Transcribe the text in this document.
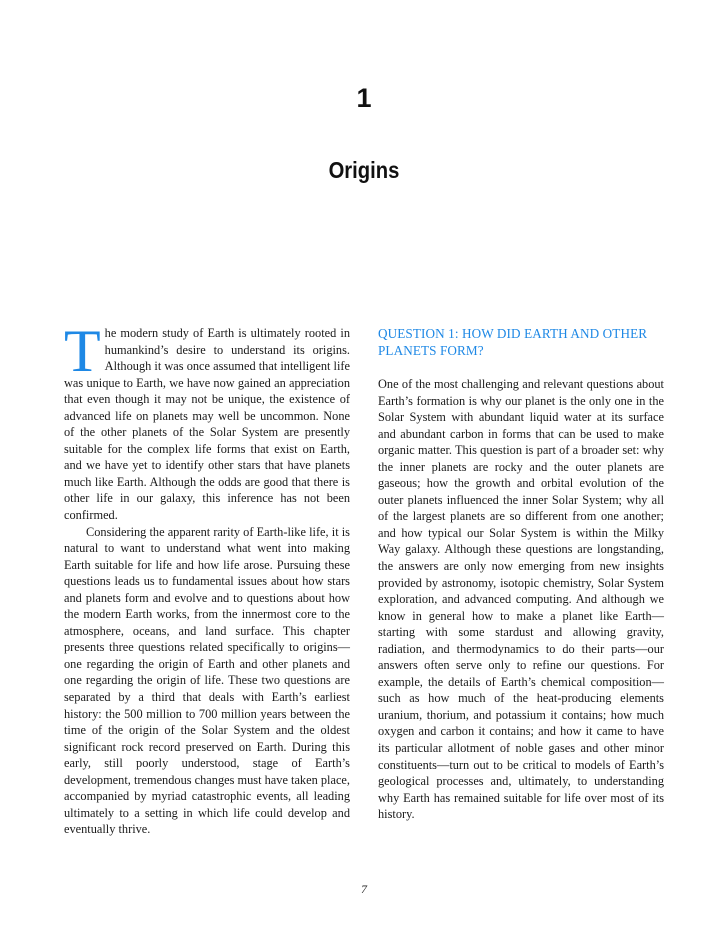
1
Origins

The modern study of Earth is ultimately rooted in humankind’s desire to understand its origins. Although it was once assumed that intelligent life was unique to Earth, we have now gained an appreciation that even though it may not be unique, the existence of advanced life on planets may well be uncommon. None of the other planets of the Solar System are presently suitable for the complex life forms that exist on Earth, and we have yet to identify other stars that have planets much like Earth. Although the odds are good that there is other life in our galaxy, this inference has not been confirmed.

Considering the apparent rarity of Earth-like life, it is natural to want to understand what went into making Earth suitable for life and how life arose. Pursuing these questions leads us to fundamental issues about how stars and planets form and evolve and to questions about how the modern Earth works, from the innermost core to the atmosphere, oceans, and land surface. This chapter presents three questions related specifically to origins—one regarding the origin of Earth and other planets and one regarding the origin of life. These two questions are separated by a third that deals with Earth’s earliest history: the 500 million to 700 million years between the time of the origin of the Solar System and the oldest significant rock record preserved on Earth. During this early, still poorly understood, stage of Earth’s development, tremendous changes must have taken place, accompanied by myriad catastrophic events, all leading ultimately to a setting in which life could develop and eventually thrive.

QUESTION 1: HOW DID EARTH AND OTHER PLANETS FORM?

One of the most challenging and relevant questions about Earth’s formation is why our planet is the only one in the Solar System with abundant liquid water at its surface and abundant carbon in forms that can be used to make organic matter. This question is part of a broader set: why the inner planets are rocky and the outer planets are gaseous; how the growth and orbital evolution of the outer planets influenced the inner Solar System; why all of the largest planets are so different from one another; and how typical our Solar System is within the Milky Way galaxy. Although these questions are longstanding, the answers are only now emerging from new insights provided by astronomy, isotopic chemistry, Solar System exploration, and advanced computing. And although we know in general how to make a planet like Earth—starting with some stardust and allowing gravity, radiation, and thermodynamics to do their parts—our answers often serve only to refine our questions. For example, the details of Earth’s chemical composition—such as how much of the heat-producing elements uranium, thorium, and potassium it contains; how much oxygen and carbon it contains; and how it came to have its particular allotment of noble gases and other minor constituents—turn out to be critical to models of Earth’s geological processes and, ultimately, to understanding why Earth has remained suitable for life over most of its history.

7
